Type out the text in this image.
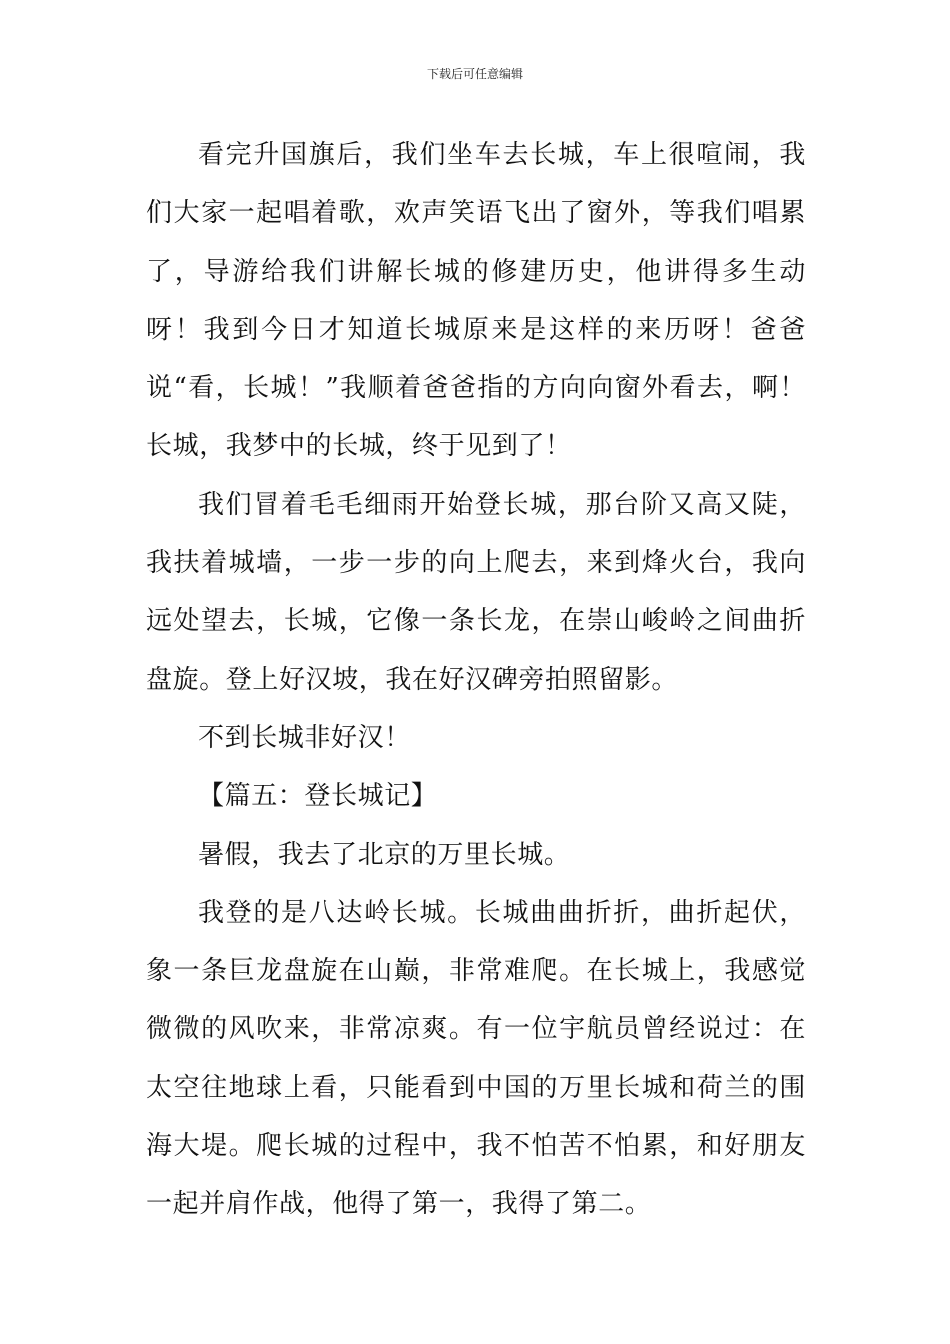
下载后可任意编辑

看完升国旗后，我们坐车去长城，车上很喧闹，我们大家一起唱着歌，欢声笑语飞出了窗外，等我们唱累了，导游给我们讲解长城的修建历史，他讲得多生动呀！我到今日才知道长城原来是这样的来历呀！爸爸说“看，长城！”我顺着爸爸指的方向向窗外看去，啊！长城，我梦中的长城，终于见到了！

我们冒着毛毛细雨开始登长城，那台阶又高又陡，我扶着城墙，一步一步的向上爬去，来到烽火台，我向远处望去，长城，它像一条长龙，在崇山峻岭之间曲折盘旋。登上好汉坡，我在好汉碑旁拍照留影。

不到长城非好汉！

【篇五：登长城记】

暑假，我去了北京的万里长城。

我登的是八达岭长城。长城曲曲折折，曲折起伏，象一条巨龙盘旋在山巅，非常难爬。在长城上，我感觉微微的风吹来，非常凉爽。有一位宇航员曾经说过：在太空往地球上看，只能看到中国的万里长城和荷兰的围海大堤。爬长城的过程中，我不怕苦不怕累，和好朋友一起并肩作战，他得了第一，我得了第二。
